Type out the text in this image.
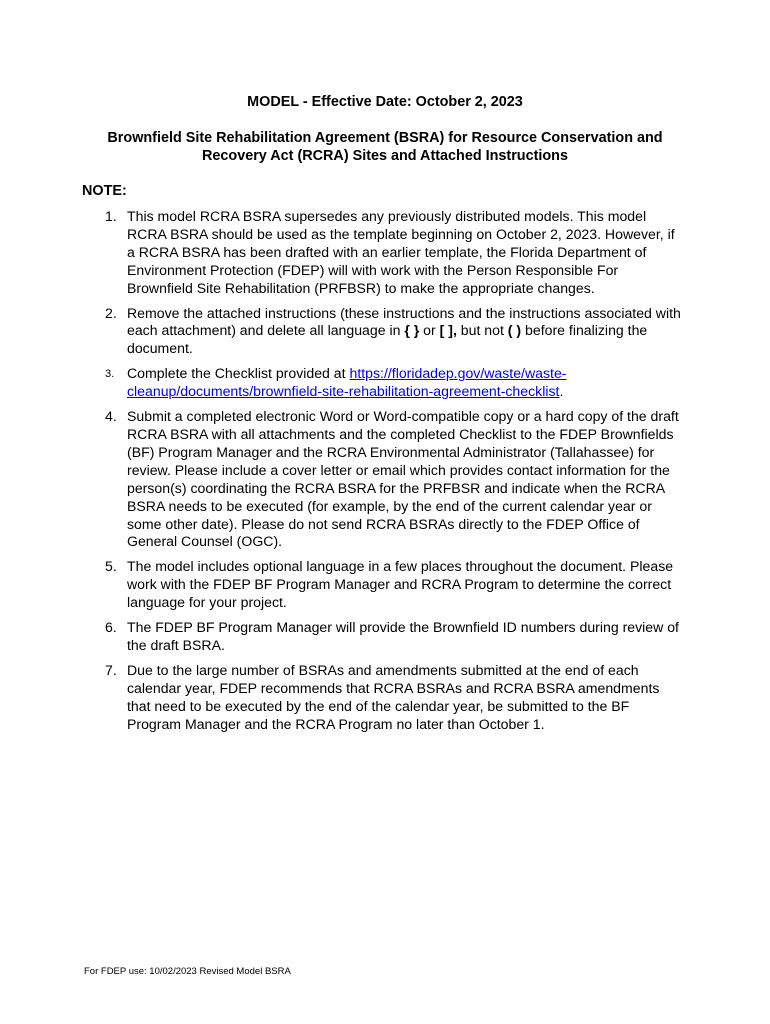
MODEL - Effective Date: October 2, 2023
Brownfield Site Rehabilitation Agreement (BSRA) for Resource Conservation and Recovery Act (RCRA) Sites and Attached Instructions
NOTE:
1. This model RCRA BSRA supersedes any previously distributed models. This model RCRA BSRA should be used as the template beginning on October 2, 2023. However, if a RCRA BSRA has been drafted with an earlier template, the Florida Department of Environment Protection (FDEP) will with work with the Person Responsible For Brownfield Site Rehabilitation (PRFBSR) to make the appropriate changes.
2. Remove the attached instructions (these instructions and the instructions associated with each attachment) and delete all language in { } or [ ], but not ( ) before finalizing the document.
3. Complete the Checklist provided at https://floridadep.gov/waste/waste-cleanup/documents/brownfield-site-rehabilitation-agreement-checklist.
4. Submit a completed electronic Word or Word-compatible copy or a hard copy of the draft RCRA BSRA with all attachments and the completed Checklist to the FDEP Brownfields (BF) Program Manager and the RCRA Environmental Administrator (Tallahassee) for review. Please include a cover letter or email which provides contact information for the person(s) coordinating the RCRA BSRA for the PRFBSR and indicate when the RCRA BSRA needs to be executed (for example, by the end of the current calendar year or some other date). Please do not send RCRA BSRAs directly to the FDEP Office of General Counsel (OGC).
5. The model includes optional language in a few places throughout the document. Please work with the FDEP BF Program Manager and RCRA Program to determine the correct language for your project.
6. The FDEP BF Program Manager will provide the Brownfield ID numbers during review of the draft BSRA.
7. Due to the large number of BSRAs and amendments submitted at the end of each calendar year, FDEP recommends that RCRA BSRAs and RCRA BSRA amendments that need to be executed by the end of the calendar year, be submitted to the BF Program Manager and the RCRA Program no later than October 1.
For FDEP use: 10/02/2023 Revised Model BSRA
